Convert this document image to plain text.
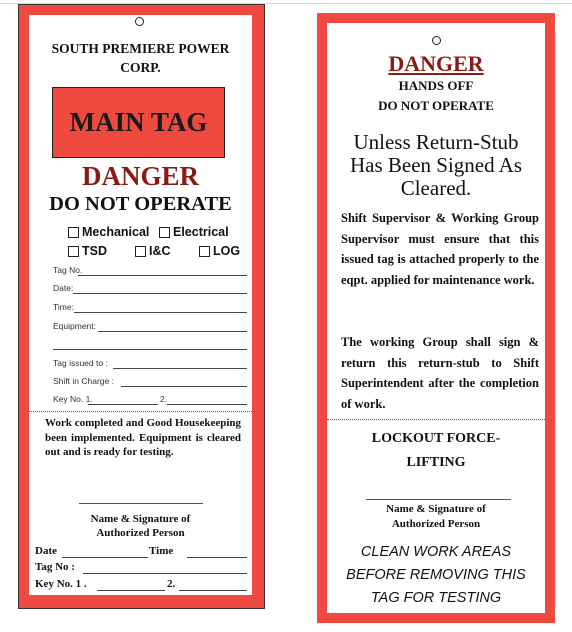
SOUTH PREMIERE POWER
CORP.
MAIN TAG
DANGER
DO NOT OPERATE
Mechanical Electrical
TSD	I&C	LOG
Tag No.
Date:
Time:
Equipment:
Tag issued to :
Shift in Charge :
Key No. 1.	2.
Work completed and Good Housekeeping been implemented. Equipment is cleared out and is ready for testing.
Name & Signature of
Authorized Person
Date	Time
Tag No :
Key No. 1 .	2.
DANGER
HANDS OFF
DO NOT OPERATE
Unless Return-Stub
Has Been Signed As
Cleared.
Shift Supervisor & Working Group Supervisor must ensure that this issued tag is attached properly to the eqpt. applied for maintenance work.
The working Group shall sign & return this return-stub to Shift Superintendent after the completion of work.
LOCKOUT FORCE-
LIFTING
Name & Signature of
Authorized Person
CLEAN WORK AREAS
BEFORE REMOVING THIS
TAG FOR TESTING
